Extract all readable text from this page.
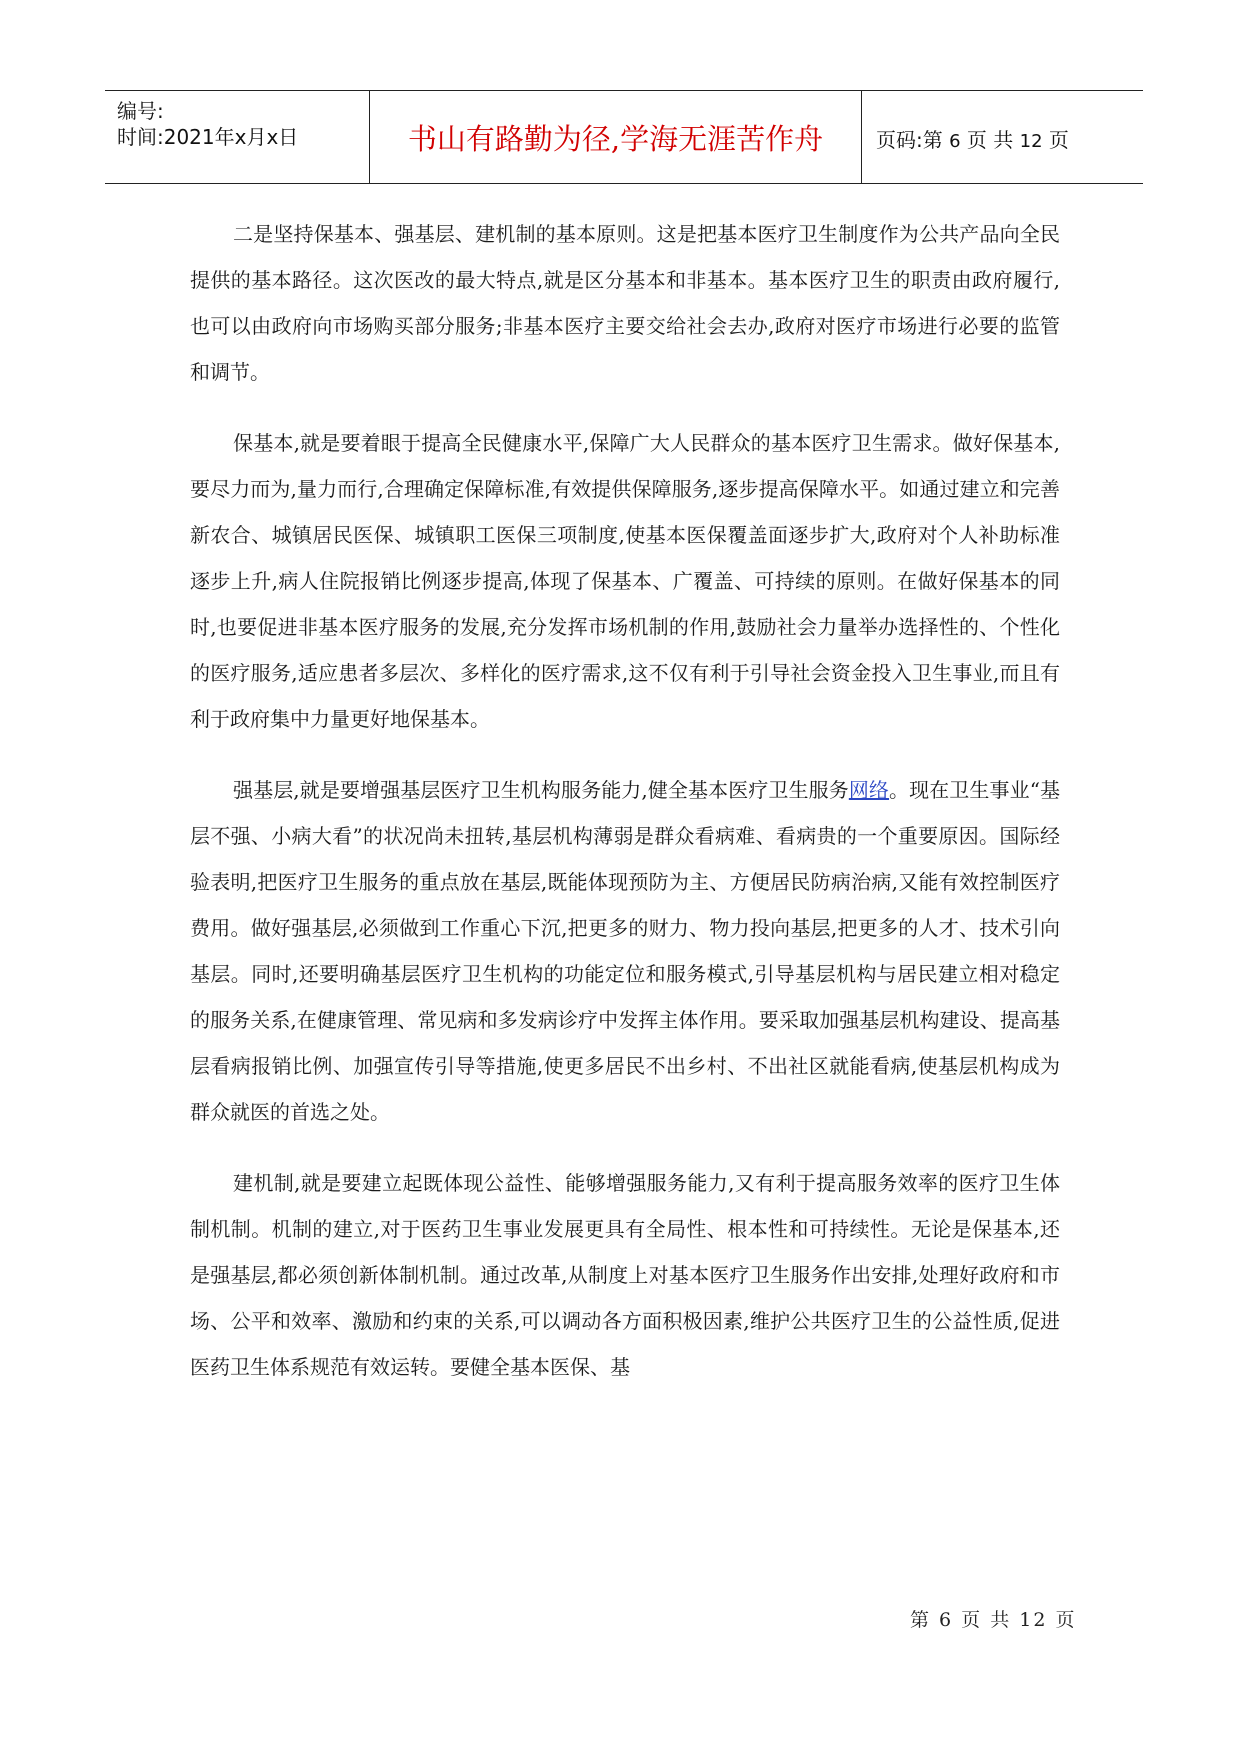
编号:
时间:2021年x月x日	书山有路勤为径,学海无涯苦作舟	页码:第 6 页 共 12 页

二是坚持保基本、强基层、建机制的基本原则。这是把基本医疗卫生制度作为公共产品向全民提供的基本路径。这次医改的最大特点,就是区分基本和非基本。基本医疗卫生的职责由政府履行,也可以由政府向市场购买部分服务;非基本医疗主要交给社会去办,政府对医疗市场进行必要的监管和调节。

保基本,就是要着眼于提高全民健康水平,保障广大人民群众的基本医疗卫生需求。做好保基本,要尽力而为,量力而行,合理确定保障标准,有效提供保障服务,逐步提高保障水平。如通过建立和完善新农合、城镇居民医保、城镇职工医保三项制度,使基本医保覆盖面逐步扩大,政府对个人补助标准逐步上升,病人住院报销比例逐步提高,体现了保基本、广覆盖、可持续的原则。在做好保基本的同时,也要促进非基本医疗服务的发展,充分发挥市场机制的作用,鼓励社会力量举办选择性的、个性化的医疗服务,适应患者多层次、多样化的医疗需求,这不仅有利于引导社会资金投入卫生事业,而且有利于政府集中力量更好地保基本。

强基层,就是要增强基层医疗卫生机构服务能力,健全基本医疗卫生服务网络。现在卫生事业“基层不强、小病大看”的状况尚未扭转,基层机构薄弱是群众看病难、看病贵的一个重要原因。国际经验表明,把医疗卫生服务的重点放在基层,既能体现预防为主、方便居民防病治病,又能有效控制医疗费用。做好强基层,必须做到工作重心下沉,把更多的财力、物力投向基层,把更多的人才、技术引向基层。同时,还要明确基层医疗卫生机构的功能定位和服务模式,引导基层机构与居民建立相对稳定的服务关系,在健康管理、常见病和多发病诊疗中发挥主体作用。要采取加强基层机构建设、提高基层看病报销比例、加强宣传引导等措施,使更多居民不出乡村、不出社区就能看病,使基层机构成为群众就医的首选之处。

建机制,就是要建立起既体现公益性、能够增强服务能力,又有利于提高服务效率的医疗卫生体制机制。机制的建立,对于医药卫生事业发展更具有全局性、根本性和可持续性。无论是保基本,还是强基层,都必须创新体制机制。通过改革,从制度上对基本医疗卫生服务作出安排,处理好政府和市场、公平和效率、激励和约束的关系,可以调动各方面积极因素,维护公共医疗卫生的公益性质,促进医药卫生体系规范有效运转。要健全基本医保、基

第 6 页 共 12 页
